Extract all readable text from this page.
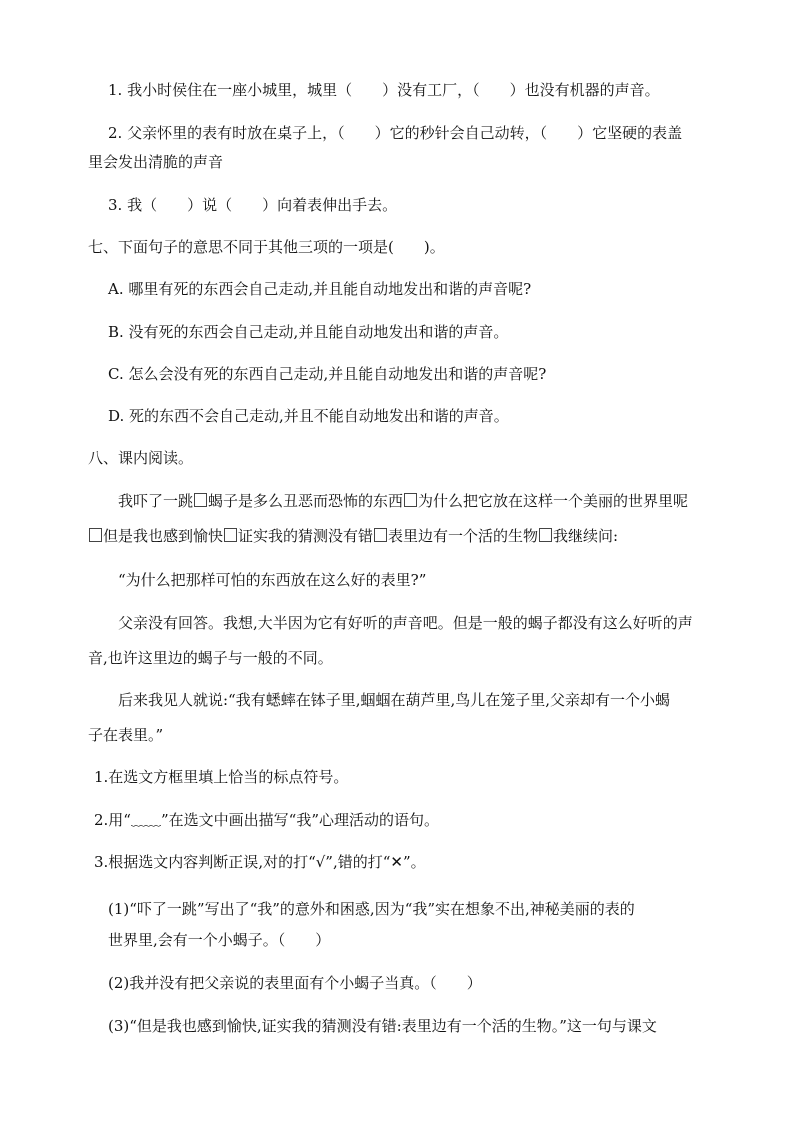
1. 我小时侯住在一座小城里，城里（　　）没有工厂，（　　）也没有机器的声音。
2. 父亲怀里的表有时放在桌子上，（　　）它的秒针会自己动转，（　　）它坚硬的表盖
里会发出清脆的声音
3. 我（　　）说（　　）向着表伸出手去。
七、下面句子的意思不同于其他三项的一项是(　　)。
A. 哪里有死的东西会自己走动,并且能自动地发出和谐的声音呢?
B. 没有死的东西会自己走动,并且能自动地发出和谐的声音。
C. 怎么会没有死的东西自己走动,并且能自动地发出和谐的声音呢?
D. 死的东西不会自己走动,并且不能自动地发出和谐的声音。
八、课内阅读。
我吓了一跳 蝎子是多么丑恶而恐怖的东西 为什么把它放在这样一个美丽的世界里呢
但是我也感到愉快 证实我的猜测没有错 表里边有一个活的生物 我继续问:
“为什么把那样可怕的东西放在这么好的表里?”
父亲没有回答。我想,大半因为它有好听的声音吧。但是一般的蝎子都没有这么好听的声
音,也许这里边的蝎子与一般的不同。
后来我见人就说:“我有蟋蟀在钵子里,蝈蝈在葫芦里,鸟儿在笼子里,父亲却有一个小蝎
子在表里。”
1.在选文方框里填上恰当的标点符号。
2.用“﹏﹏”在选文中画出描写“我”心理活动的语句。
3.根据选文内容判断正误,对的打“√”,错的打“✕”。
(1)“吓了一跳”写出了“我”的意外和困惑,因为“我”实在想象不出,神秘美丽的表的
世界里,会有一个小蝎子。（　　）
(2)我并没有把父亲说的表里面有个小蝎子当真。（　　）
(3)“但是我也感到愉快,证实我的猜测没有错:表里边有一个活的生物。”这一句与课文
